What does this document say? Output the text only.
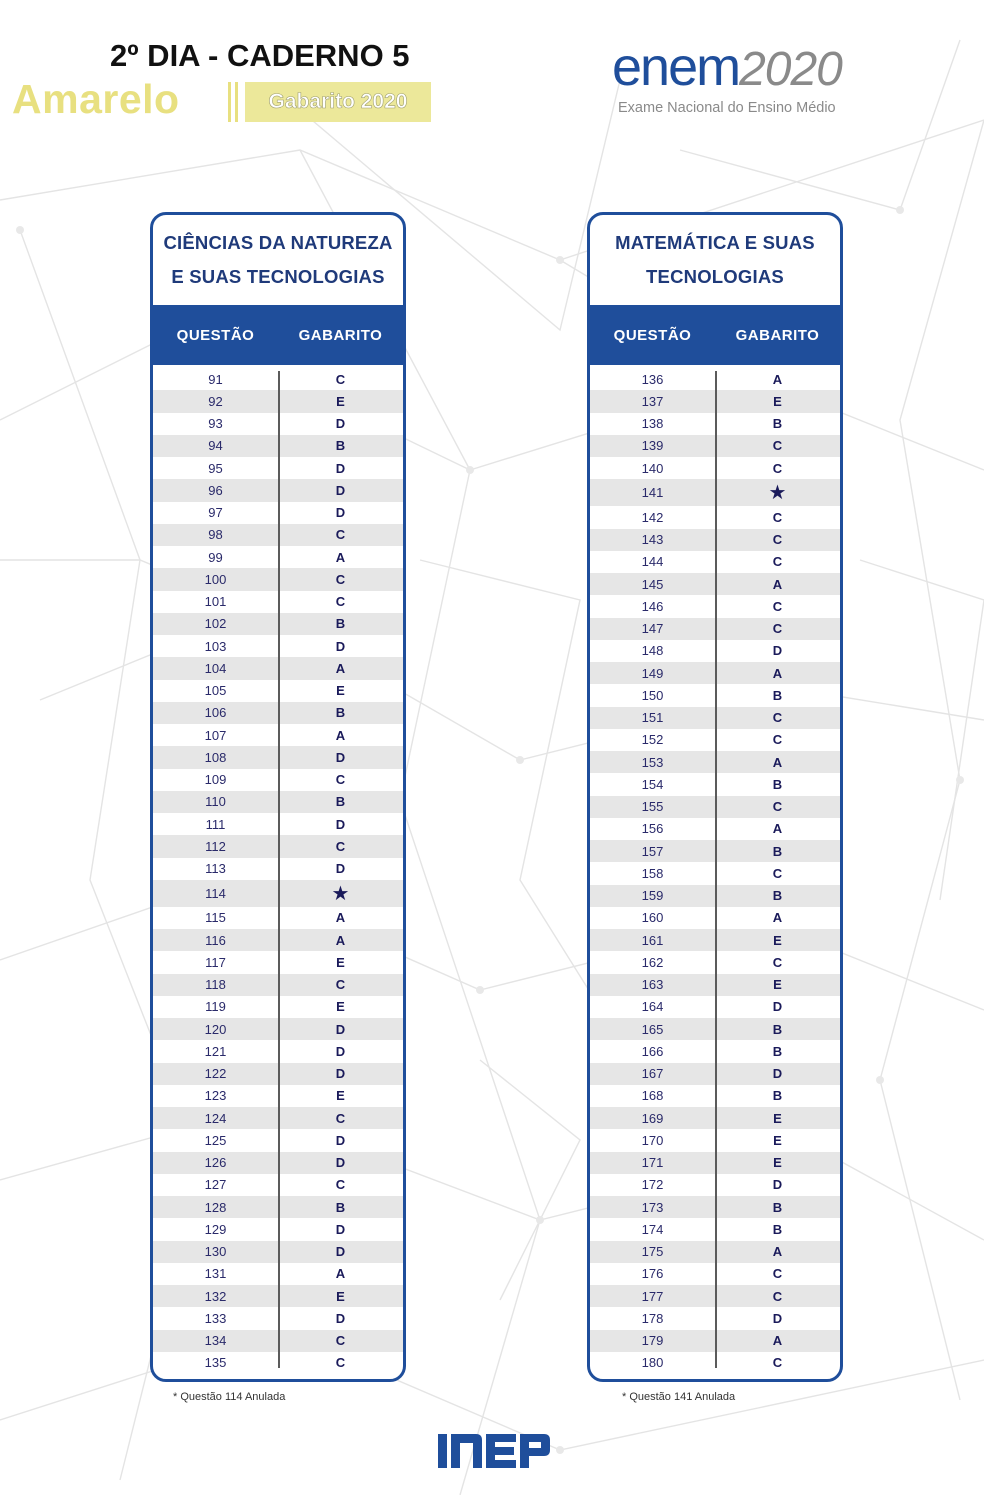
2º DIA - CADERNO 5
Amarelo	Gabarito 2020
enem2020
Exame Nacional do Ensino Médio
CIÊNCIAS DA NATUREZA
E SUAS TECNOLOGIAS
QUESTÃO	GABARITO
91	C
92	E
93	D
94	B
95	D
96	D
97	D
98	C
99	A
100	C
101	C
102	B
103	D
104	A
105	E
106	B
107	A
108	D
109	C
110	B
111	D
112	C
113	D
114	★
115	A
116	A
117	E
118	C
119	E
120	D
121	D
122	D
123	E
124	C
125	D
126	D
127	C
128	B
129	D
130	D
131	A
132	E
133	D
134	C
135	C
MATEMÁTICA E SUAS
TECNOLOGIAS
QUESTÃO	GABARITO
136	A
137	E
138	B
139	C
140	C
141	★
142	C
143	C
144	C
145	A
146	C
147	C
148	D
149	A
150	B
151	C
152	C
153	A
154	B
155	C
156	A
157	B
158	C
159	B
160	A
161	E
162	C
163	E
164	D
165	B
166	B
167	D
168	B
169	E
170	E
171	E
172	D
173	B
174	B
175	A
176	C
177	C
178	D
179	A
180	C
* Questão 114 Anulada	* Questão 141 Anulada
